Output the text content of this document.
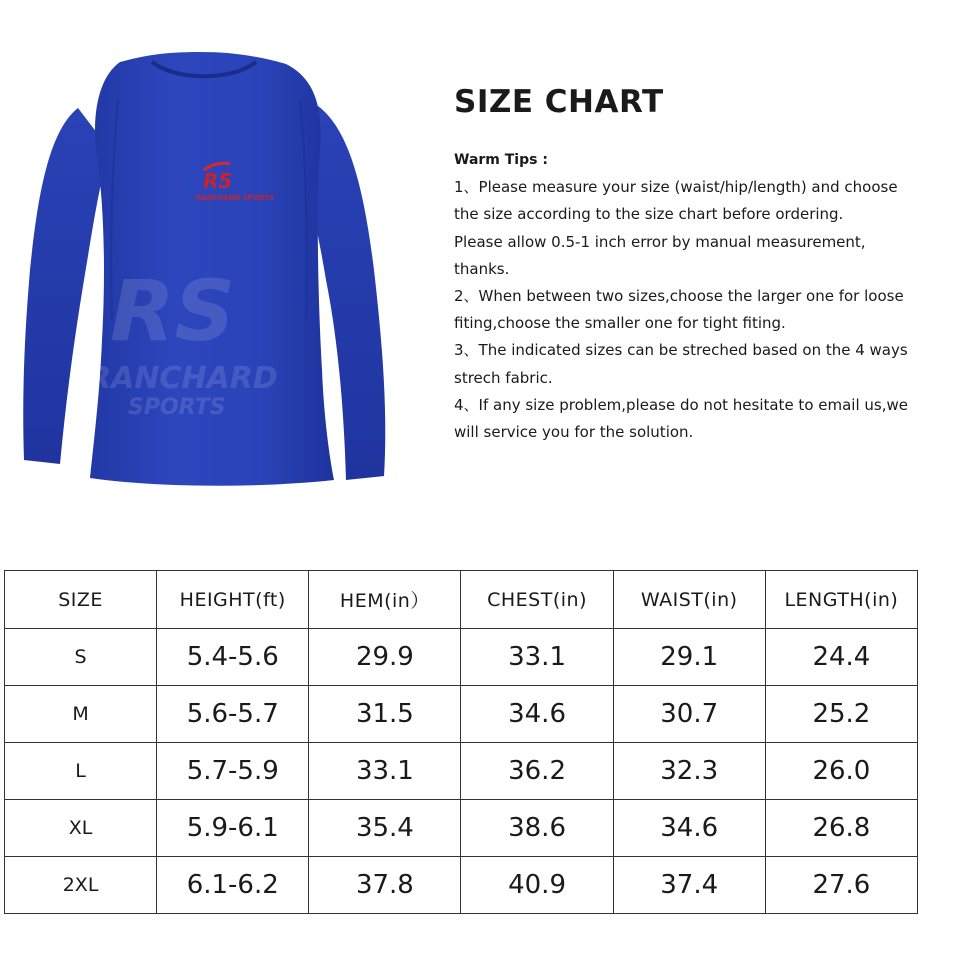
RS
RANCHARD
SPORTS
R5
RANCHARD SPORTS
SIZE CHART

Warm Tips :

1、Please measure your size (waist/hip/length) and choose

the size according to the size chart before ordering.

Please allow 0.5-1 inch error by manual measurement,

thanks.

2、When between two sizes,choose the larger one for loose

fiting,choose the smaller one for tight fiting.

3、The indicated sizes can be streched based on the 4 ways

strech fabric.

4、If any size problem,please do not hesitate to email us,we

will service you for the solution.

SIZE	HEIGHT(ft)	HEM(in）	CHEST(in)	WAIST(in)	LENGTH(in)
S	5.4-5.6	29.9	33.1	29.1	24.4
M	5.6-5.7	31.5	34.6	30.7	25.2
L	5.7-5.9	33.1	36.2	32.3	26.0
XL	5.9-6.1	35.4	38.6	34.6	26.8
2XL	6.1-6.2	37.8	40.9	37.4	27.6
